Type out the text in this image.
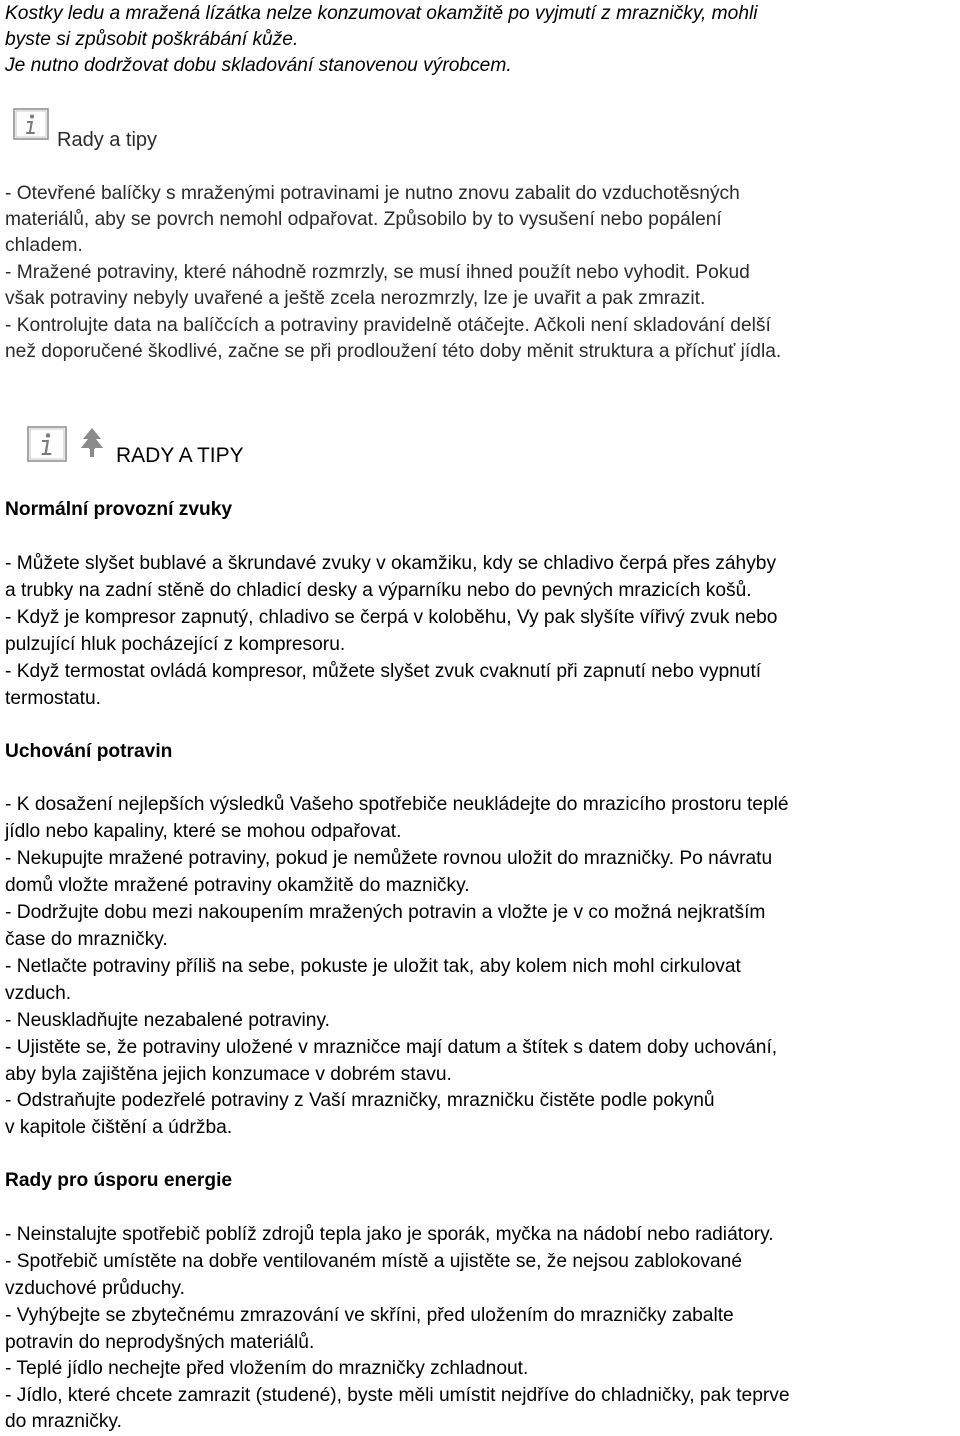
Kostky ledu a mražená lízátka nelze konzumovat okamžitě po vyjmutí z mrazničky, mohli
byste si způsobit poškrábání kůže.
Je nutno dodržovat dobu skladování stanovenou výrobcem.
Rady a tipy
- Otevřené balíčky s mraženými potravinami je nutno znovu zabalit do vzduchotěsných
materiálů, aby se povrch nemohl odpařovat. Způsobilo by to vysušení nebo popálení
chladem.
- Mražené potraviny, které náhodně rozmrzly, se musí ihned použít nebo vyhodit. Pokud
však potraviny nebyly uvařené a ještě zcela nerozmrzly, lze je uvařit a pak zmrazit.
- Kontrolujte data na balíčcích a potraviny pravidelně otáčejte. Ačkoli není skladování delší
než doporučené škodlivé, začne se při prodloužení této doby měnit struktura a příchuť jídla.
RADY A TIPY
Normální provozní zvuky
- Můžete slyšet bublavé a škrundavé zvuky v okamžiku, kdy se chladivo čerpá přes záhyby
a trubky na zadní stěně do chladicí desky a výparníku nebo do pevných mrazicích košů.
- Když je kompresor zapnutý, chladivo se čerpá v koloběhu, Vy pak slyšíte vířivý zvuk nebo
pulzující hluk pocházející z kompresoru.
- Když termostat ovládá kompresor, můžete slyšet zvuk cvaknutí při zapnutí nebo vypnutí
termostatu.
Uchování potravin
- K dosažení nejlepších výsledků Vašeho spotřebiče neukládejte do mrazicího prostoru teplé
jídlo nebo kapaliny, které se mohou odpařovat.
- Nekupujte mražené potraviny, pokud je nemůžete rovnou uložit do mrazničky. Po návratu
domů vložte mražené potraviny okamžitě do mazničky.
- Dodržujte dobu mezi nakoupením mražených potravin a vložte je v co možná nejkratším
čase do mrazničky.
- Netlačte potraviny příliš na sebe, pokuste je uložit tak, aby kolem nich mohl cirkulovat
vzduch.
- Neuskladňujte nezabalené potraviny.
- Ujistěte se, že potraviny uložené v mrazničce mají datum a štítek s datem doby uchování,
aby byla zajištěna jejich konzumace v dobrém stavu.
- Odstraňujte podezřelé potraviny z Vaší mrazničky, mrazničku čistěte podle pokynů
v kapitole čištění a údržba.
Rady pro úsporu energie
- Neinstalujte spotřebič poblíž zdrojů tepla jako je sporák, myčka na nádobí nebo radiátory.
- Spotřebič umístěte na dobře ventilovaném místě a ujistěte se, že nejsou zablokované
vzduchové průduchy.
- Vyhýbejte se zbytečnému zmrazování ve skříni, před uložením do mrazničky zabalte
potravin do neprodyšných materiálů.
- Teplé jídlo nechejte před vložením do mrazničky zchladnout.
- Jídlo, které chcete zamrazit (studené), byste měli umístit nejdříve do chladničky, pak teprve
do mrazničky.
